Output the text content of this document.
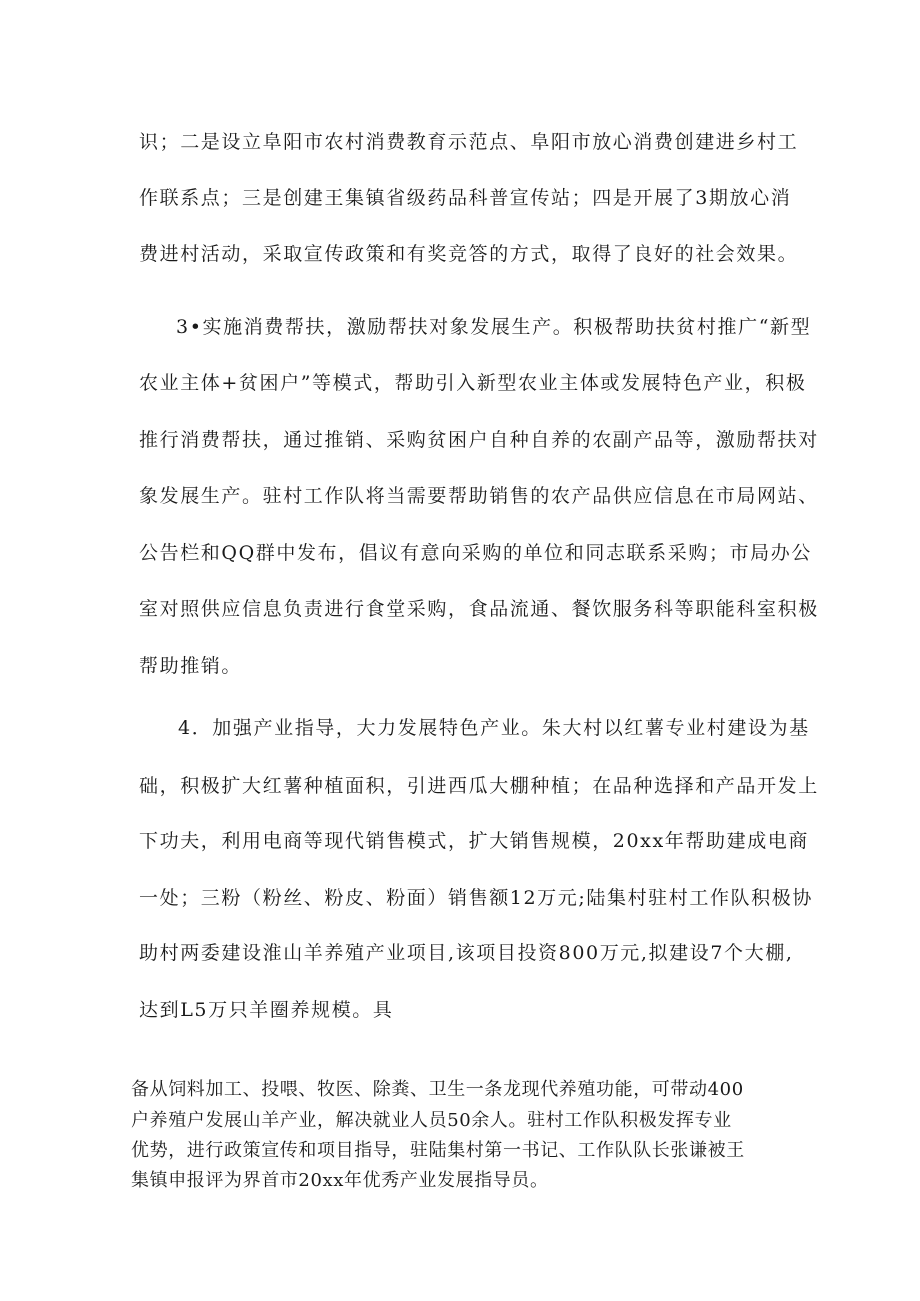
识；二是设立阜阳市农村消费教育示范点、阜阳市放心消费创建进乡村工
作联系点；三是创建王集镇省级药品科普宣传站；四是开展了3期放心消
费进村活动，采取宣传政策和有奖竞答的方式，取得了良好的社会效果。
3•实施消费帮扶，激励帮扶对象发展生产。积极帮助扶贫村推广“新型
农业主体+贫困户”等模式，帮助引入新型农业主体或发展特色产业，积极
推行消费帮扶，通过推销、采购贫困户自种自养的农副产品等，激励帮扶对
象发展生产。驻村工作队将当需要帮助销售的农产品供应信息在市局网站、
公告栏和QQ群中发布，倡议有意向采购的单位和同志联系采购；市局办公
室对照供应信息负责进行食堂采购，食品流通、餐饮服务科等职能科室积极
帮助推销。
4．加强产业指导，大力发展特色产业。朱大村以红薯专业村建设为基
础，积极扩大红薯种植面积，引进西瓜大棚种植；在品种选择和产品开发上
下功夫，利用电商等现代销售模式，扩大销售规模，20xx年帮助建成电商
一处；三粉（粉丝、粉皮、粉面）销售额12万元;陆集村驻村工作队积极协
助村两委建设淮山羊养殖产业项目,该项目投资800万元,拟建设7个大棚,
达到L5万只羊圈养规模。具
备从饲料加工、投喂、牧医、除粪、卫生一条龙现代养殖功能，可带动400
户养殖户发展山羊产业，解决就业人员50余人。驻村工作队积极发挥专业
优势，进行政策宣传和项目指导，驻陆集村第一书记、工作队队长张谦被王
集镇申报评为界首市20xx年优秀产业发展指导员。
